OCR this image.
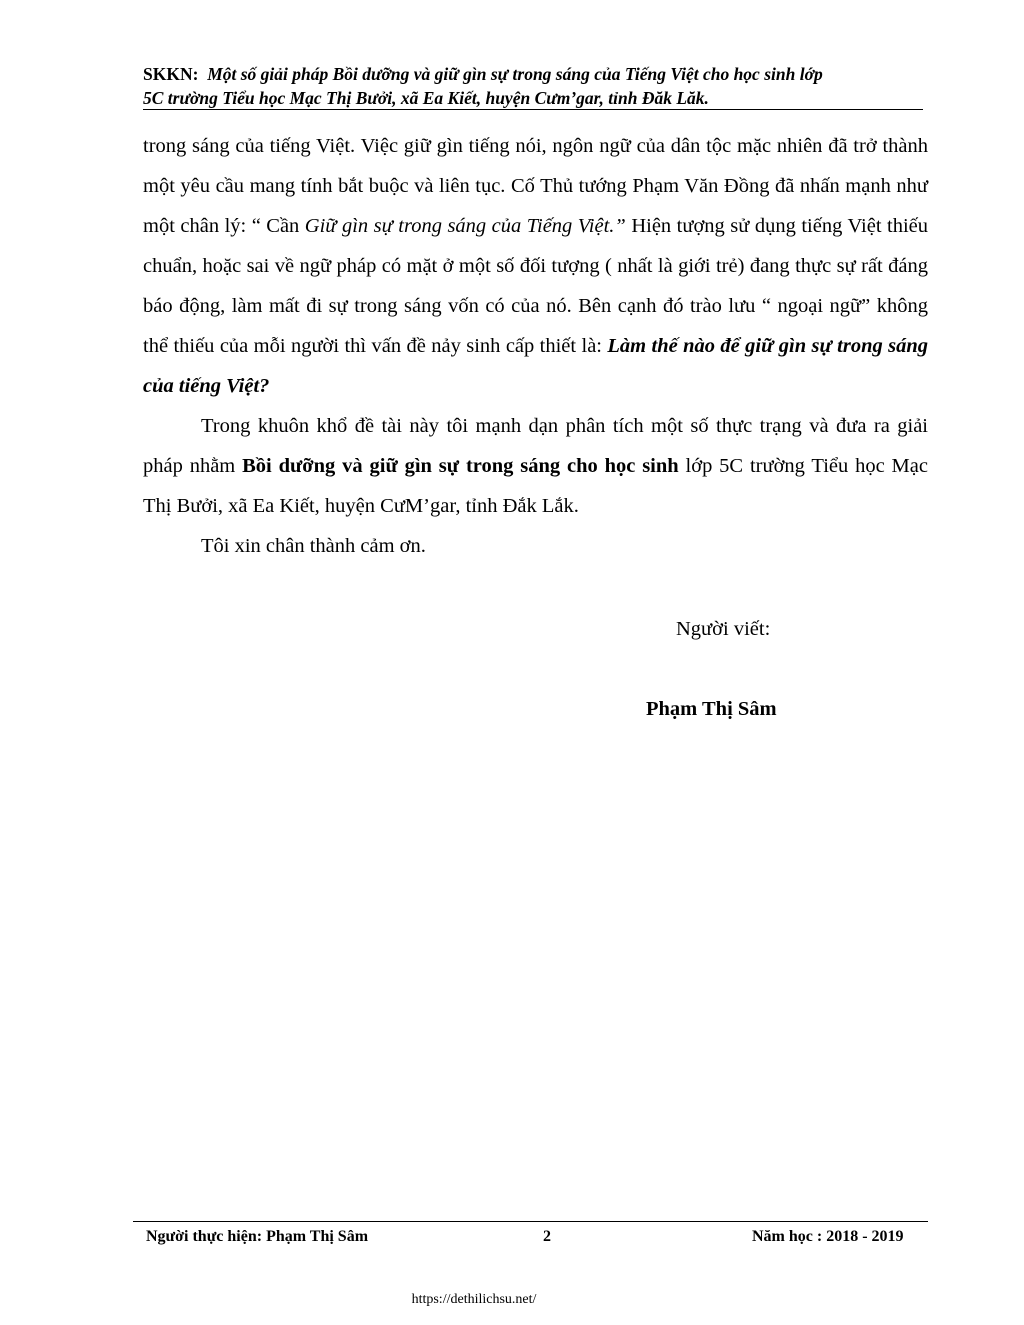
SKKN: Một số giải pháp Bồi dưỡng và giữ gìn sự trong sáng của Tiếng Việt cho học sinh lớp
5C trường Tiểu học Mạc Thị Bưởi, xã Ea Kiết, huyện Cưm’gar, tỉnh Đăk Lăk.

trong sáng của tiếng Việt. Việc giữ gìn tiếng nói, ngôn ngữ của dân tộc mặc nhiên đã trở thành một yêu cầu mang tính bắt buộc và liên tục. Cố Thủ tướng Phạm Văn Đồng đã nhấn mạnh như một chân lý: “ Cần Giữ gìn sự trong sáng của Tiếng Việt.” Hiện tượng sử dụng tiếng Việt thiếu chuẩn, hoặc sai về ngữ pháp có mặt ở một số đối tượng ( nhất là giới trẻ) đang thực sự rất đáng báo động, làm mất đi sự trong sáng vốn có của nó. Bên cạnh đó trào lưu “ ngoại ngữ” không thể thiếu của mỗi người thì vấn đề nảy sinh cấp thiết là: Làm thế nào để giữ gìn sự trong sáng của tiếng Việt?

Trong khuôn khổ đề tài này tôi mạnh dạn phân tích một số thực trạng và đưa ra giải pháp nhằm Bồi dưỡng và giữ gìn sự trong sáng cho học sinh lớp 5C trường Tiểu học Mạc Thị Bưởi, xã Ea Kiết, huyện CưM’gar, tỉnh Đắk Lắk.

Tôi xin chân thành cảm ơn.

Người viết:
Phạm Thị Sâm
Người thực hiện: Phạm Thị Sâm	2	Năm học : 2018 - 2019
https://dethilichsu.net/
